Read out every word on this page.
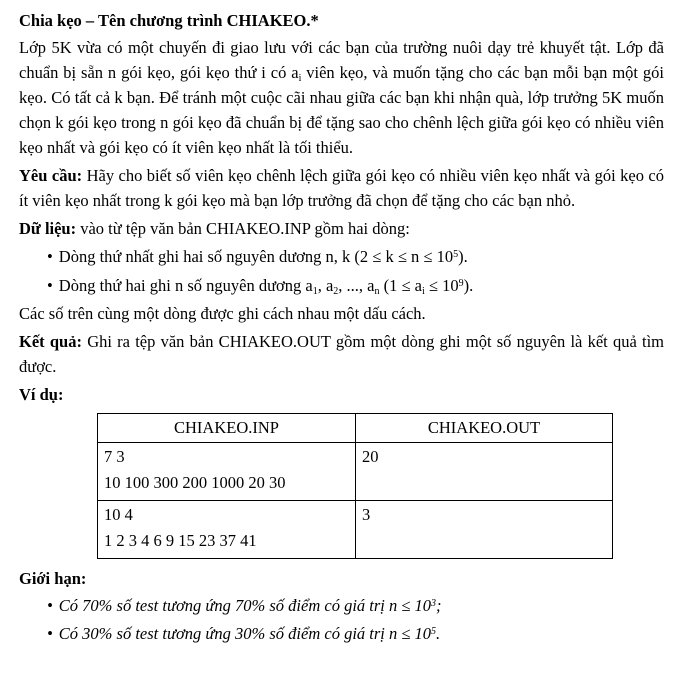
Chia kẹo – Tên chương trình CHIAKEO.*

Lớp 5K vừa có một chuyến đi giao lưu với các bạn của trường nuôi dạy trẻ khuyết tật. Lớp đã chuẩn bị sẵn n gói kẹo, gói kẹo thứ i có $a_i$ viên kẹo, và muốn tặng cho các bạn mỗi bạn một gói kẹo. Có tất cả k bạn. Để tránh một cuộc cãi nhau giữa các bạn khi nhận quà, lớp trưởng 5K muốn chọn k gói kẹo trong n gói kẹo đã chuẩn bị để tặng sao cho chênh lệch giữa gói kẹo có nhiều viên kẹo nhất và gói kẹo có ít viên kẹo nhất là tối thiểu.

Yêu cầu: Hãy cho biết số viên kẹo chênh lệch giữa gói kẹo có nhiều viên kẹo nhất và gói kẹo có ít viên kẹo nhất trong k gói kẹo mà bạn lớp trưởng đã chọn để tặng cho các bạn nhỏ.

Dữ liệu: vào từ tệp văn bản CHIAKEO.INP gồm hai dòng:

• Dòng thứ nhất ghi hai số nguyên dương n, k $(2 \le k \le n \le 10^5)$.
• Dòng thứ hai ghi n số nguyên dương $a_1$, $a_2$, ..., $a_n$ $(1 \le a_i \le 10^9)$.

Các số trên cùng một dòng được ghi cách nhau một dấu cách.

Kết quả: Ghi ra tệp văn bản CHIAKEO.OUT gồm một dòng ghi một số nguyên là kết quả tìm được.

Ví dụ:

CHIAKEO.INP	CHIAKEO.OUT

7 3
10 100 300 200 1000 20 30	20

10 4
1 2 3 4 6 9 15 23 37 41	3

Giới hạn:

• Có 70% số test tương ứng 70% số điểm có giá trị $n \le 10^3$;
• Có 30% số test tương ứng 30% số điểm có giá trị $n \le 10^5$.
